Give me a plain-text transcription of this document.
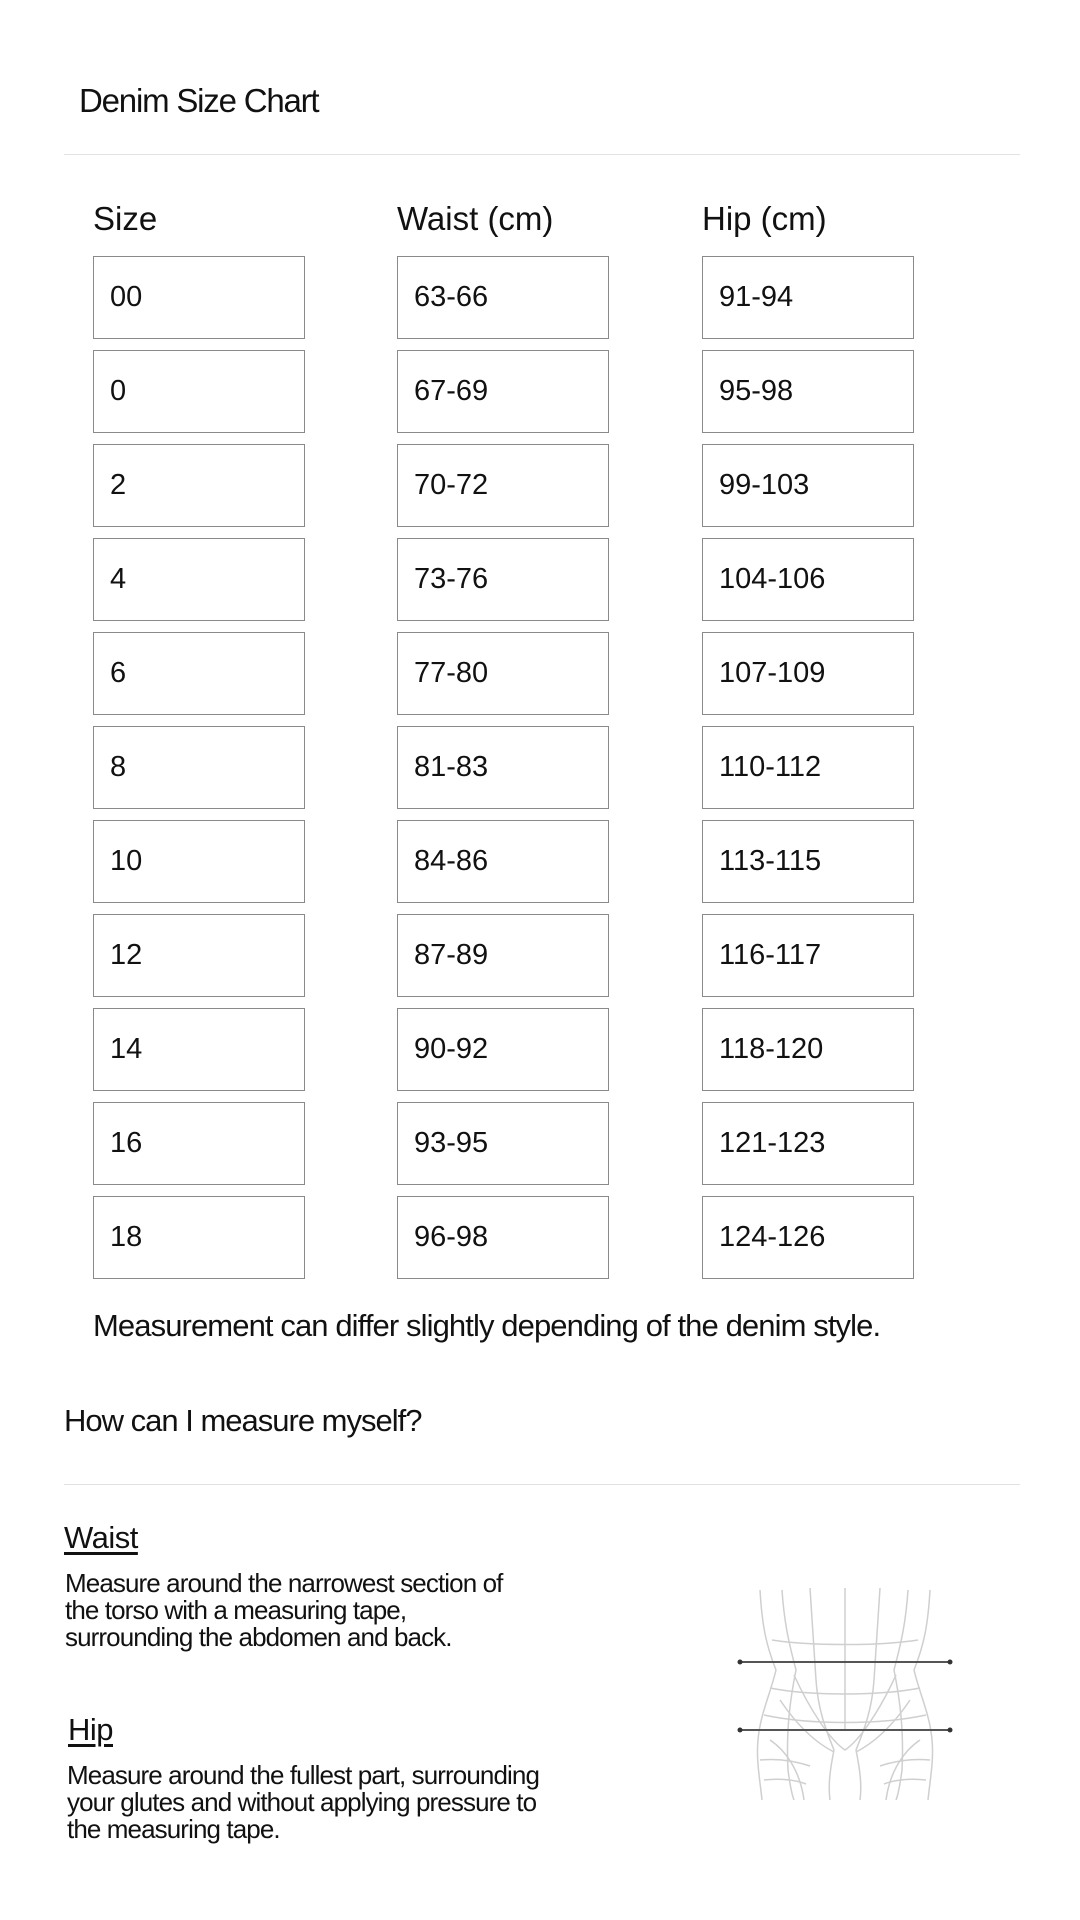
Denim Size Chart
Size	Waist (cm)	Hip (cm)
00	63-66	91-94
0	67-69	95-98
2	70-72	99-103
4	73-76	104-106
6	77-80	107-109
8	81-83	110-112
10	84-86	113-115
12	87-89	116-117
14	90-92	118-120
16	93-95	121-123
18	96-98	124-126
Measurement can differ slightly depending of the denim style.
How can I measure myself?
Waist
Measure around the narrowest section of
the torso with a measuring tape,
surrounding the abdomen and back.
Hip
Measure around the fullest part, surrounding
your glutes and without applying pressure to
the measuring tape.
